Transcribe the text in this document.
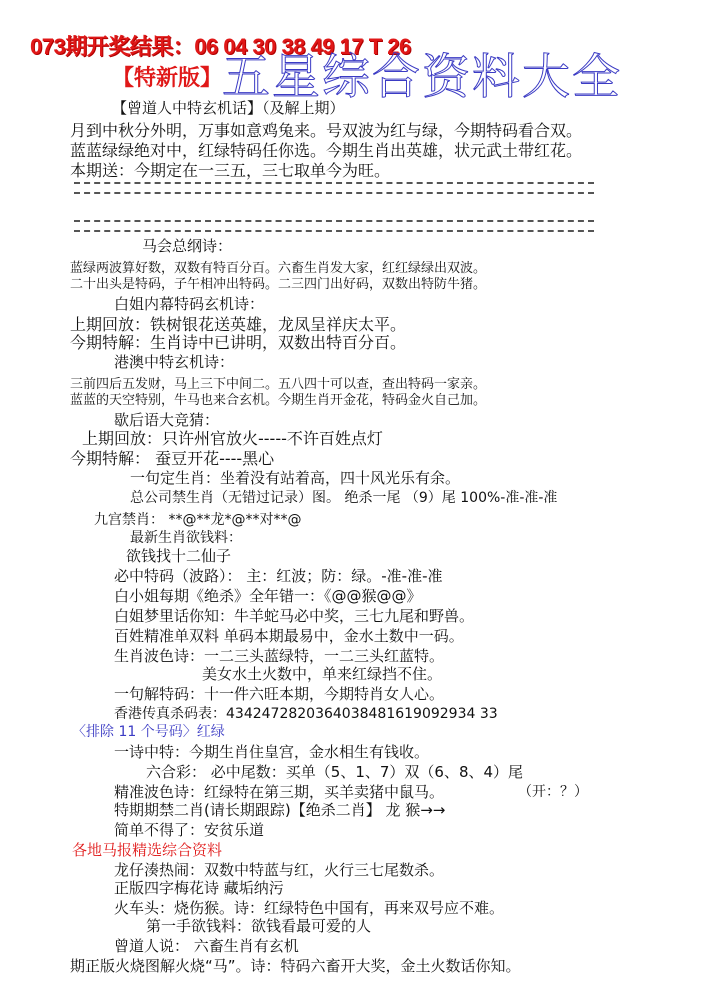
073期开奖结果：06 04 30 38 49 17 T 26
【特新版】 五星综合资料大全
【曾道人中特玄机话】（及解上期）
月到中秋分外明，万事如意鸡兔来。号双波为红与绿，今期特码看合双。
蓝蓝绿绿绝对中，红绿特码任你选。今期生肖出英雄，状元武土带红花。
本期送：今期定在一三五，三七取单今为旺。
马会总纲诗：
蓝绿两波算好数，双数有特百分百。六畜生肖发大家，红红绿绿出双波。
二十出头是特码，子午相冲出特码。二三四门出好码，双数出特防牛猪。
白姐内幕特码玄机诗：
上期回放：铁树银花送英雄，龙凤呈祥庆太平。
今期特解：生肖诗中已讲明，双数出特百分百。
港澳中特玄机诗：
三前四后五发财，马上三下中间二。五八四十可以查，查出特码一家亲。
蓝蓝的天空特别，牛马也来合玄机。今期生肖开金花，特码金火自己加。
歇后语大竞猜：
上期回放：只许州官放火-----不许百姓点灯
今期特解： 蚕豆开花----黑心
一句定生肖：坐着没有站着高，四十风光乐有余。
总公司禁生肖（无错过记录）图。 绝杀一尾 （9）尾 100%-准-准-准
九宫禁肖： **@**龙*@**对**@
最新生肖欲钱料：
欲钱找十二仙子
必中特码（波路）： 主：红波；防：绿。-准-准-准
白小姐每期《绝杀》全年错一：《@@猴@@》
白姐梦里话你知：牛羊蛇马必中奖，三七九尾和野兽。
百姓精准单双料 单码本期最易中，金水土数中一码。
生肖波色诗：一二三头蓝绿特，一二三头红蓝特。
美女水土火数中，单来红绿挡不住。
一句解特码：十一件六旺本期，今期特肖女人心。
香港传真杀码表：4342472820364038481619092934 33
〈排除 11 个号码〉红绿
一诗中特：今期生肖住皇宫，金水相生有钱收。
六合彩： 必中尾数：买单（5、1、7）双（6、8、4）尾
精准波色诗：红绿特在第三期，买羊卖猪中鼠马。	（开：？）
特期期禁二肖(请长期跟踪)【绝杀二肖】 龙 猴→→
简单不得了：安贫乐道
各地马报精选综合资料
龙仔湊热闹：双数中特蓝与红，火行三七尾数杀。
正版四字梅花诗 藏垢纳污
火车头：烧伤猴。诗：红绿特色中国有，再来双号应不难。
第一手欲钱料：欲钱看最可爱的人
曾道人说： 六畜生肖有玄机
期正版火烧图解火烧“马”。诗：特码六畜开大奖，金土火数话你知。
